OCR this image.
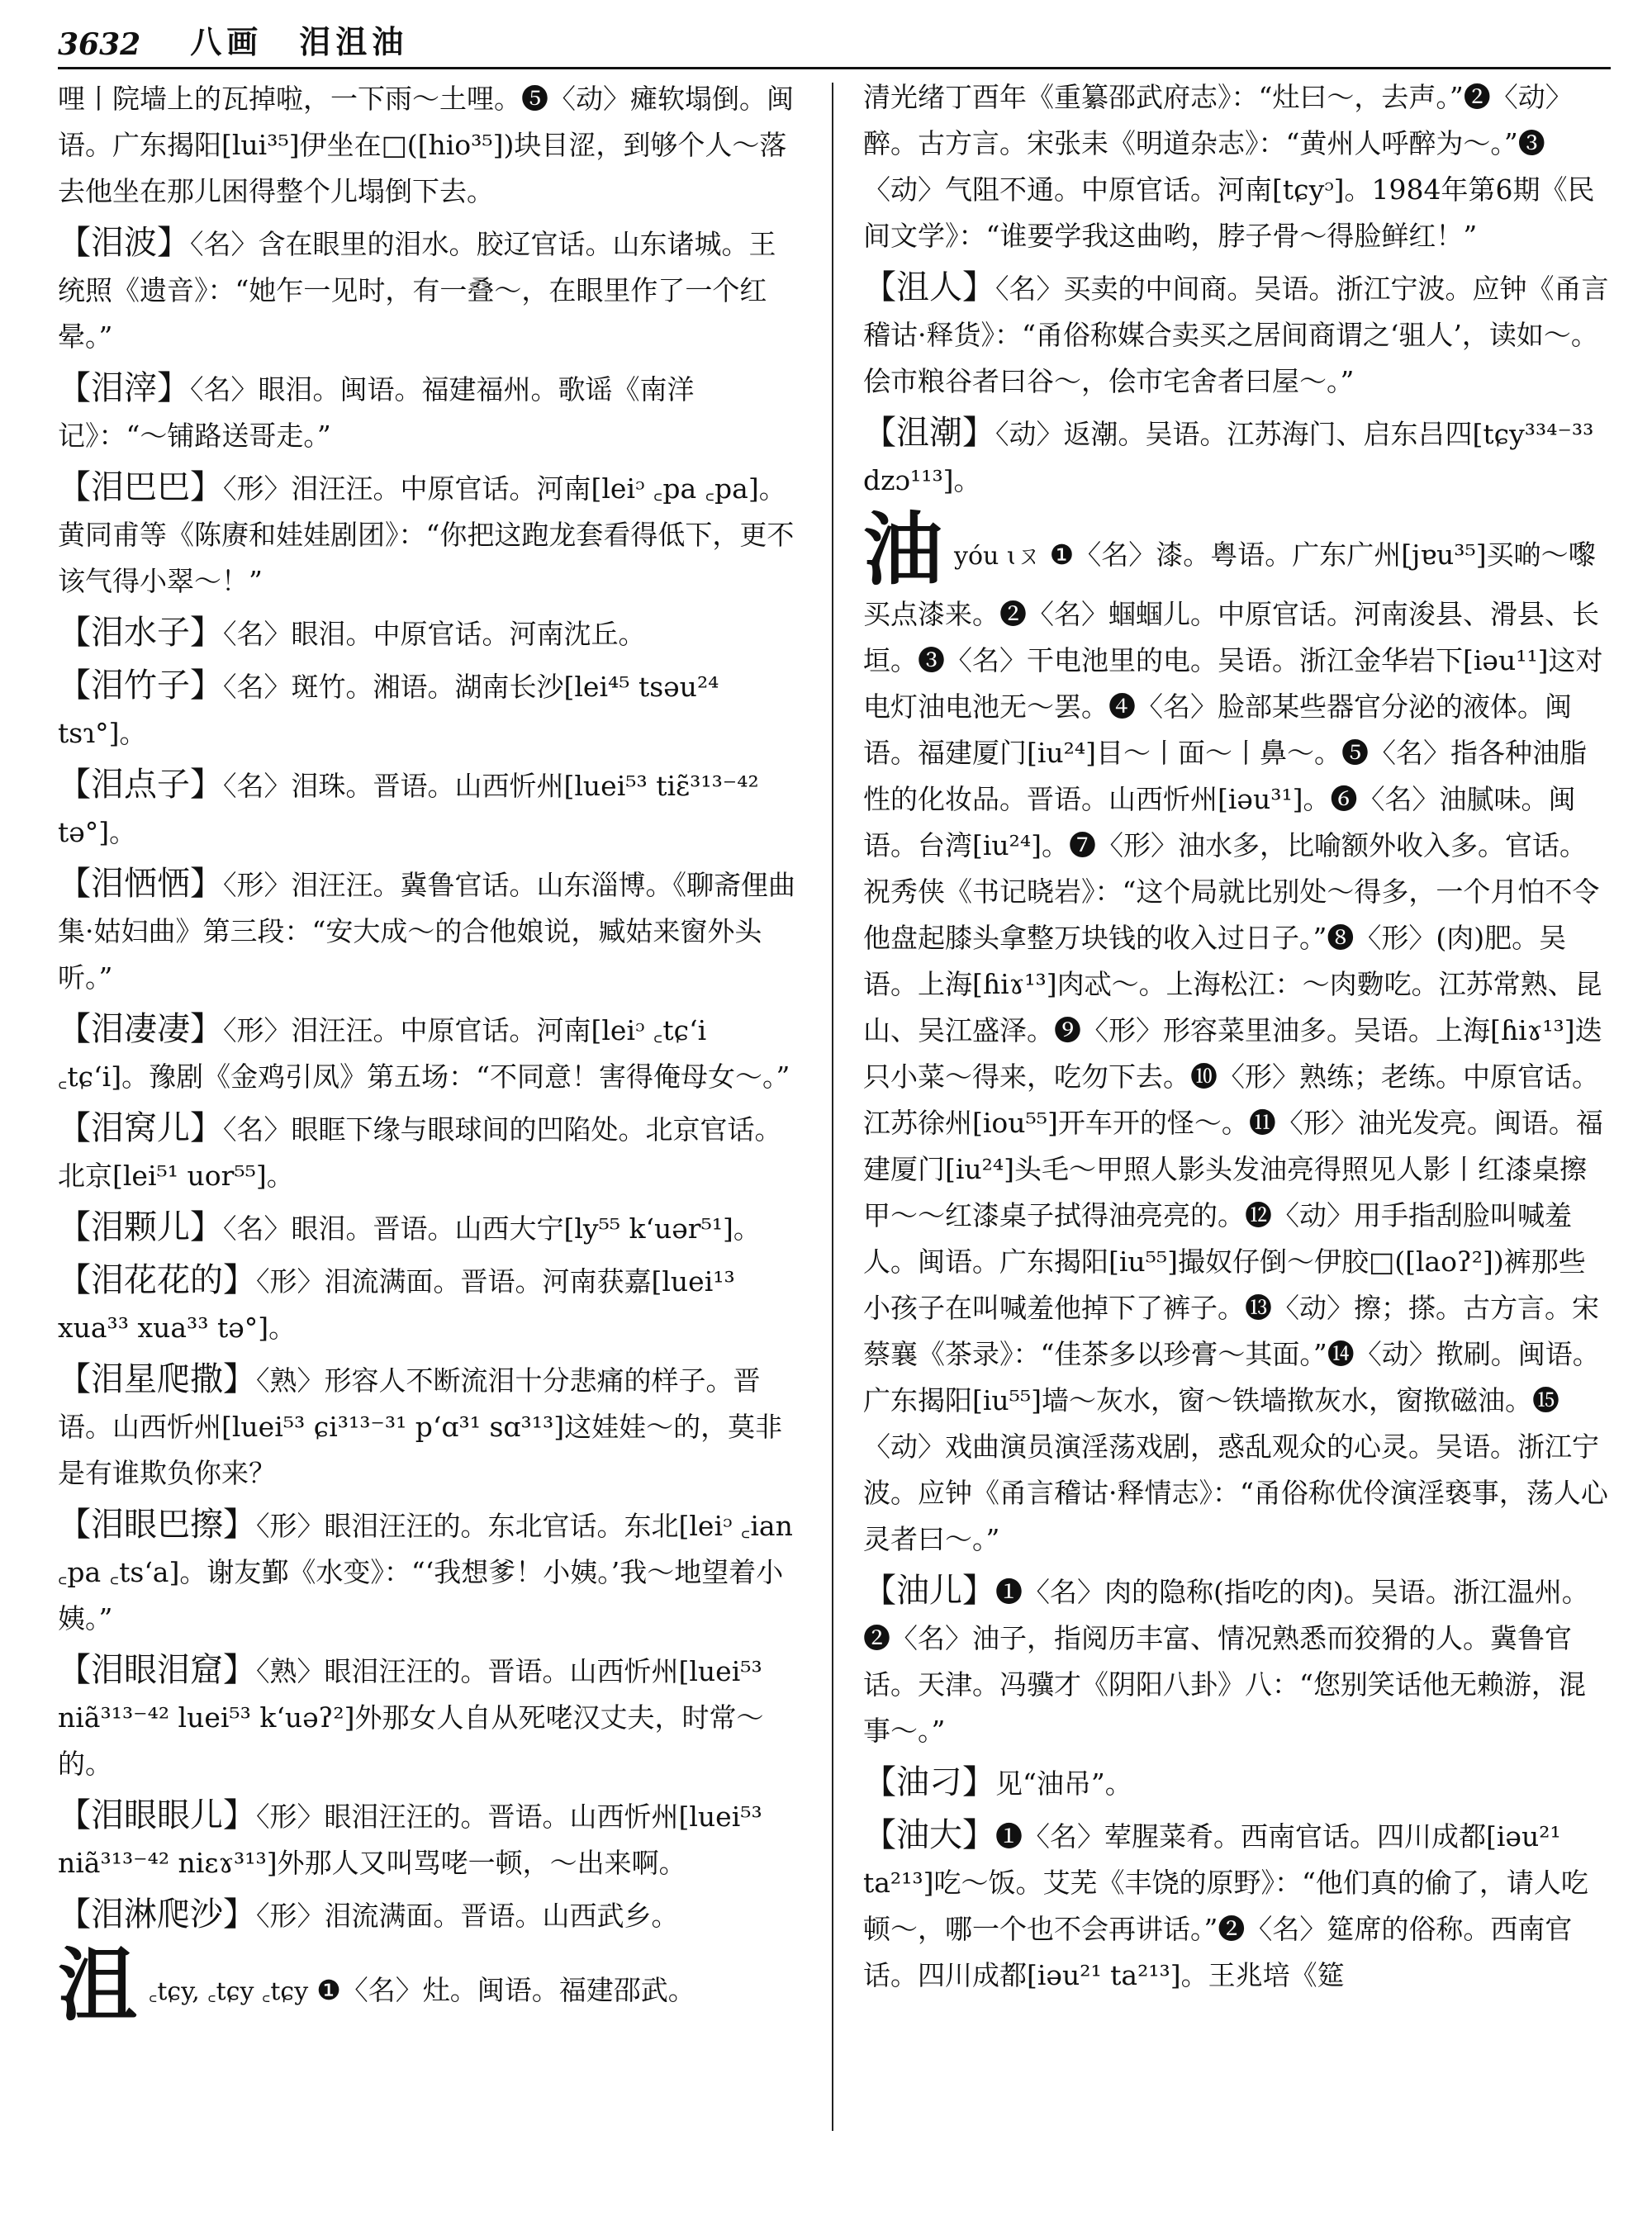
3632 八画　泪沮油
哩丨院墙上的瓦掉啦，一下雨～土哩。❺〈动〉瘫软塌倒。闽语。广东揭阳[lui³⁵]伊坐在□([hio³⁵])块目涩，到够个人～落去他坐在那儿困得整个儿塌倒下去。
【泪波】〈名〉含在眼里的泪水。胶辽官话。山东诸城。王统照《遗音》：“她乍一见时，有一叠～，在眼里作了一个红晕。”
【泪滓】〈名〉眼泪。闽语。福建福州。歌谣《南洋记》：“～铺路送哥走。”
【泪巴巴】〈形〉泪汪汪。中原官话。河南[leiᵓ ꜀pa ꜀pa]。黄同甫等《陈赓和娃娃剧团》：“你把这跑龙套看得低下，更不该气得小翠～！”
【泪水子】〈名〉眼泪。中原官话。河南沈丘。
【泪竹子】〈名〉斑竹。湘语。湖南长沙[lei⁴⁵ tsəu²⁴ tsɿ°]。
【泪点子】〈名〉泪珠。晋语。山西忻州[luei⁵³ tiɛ̃³¹³⁻⁴² tə°]。
【泪恓恓】〈形〉泪汪汪。冀鲁官话。山东淄博。《聊斋俚曲集·姑妇曲》第三段：“安大成～的合他娘说，臧姑来窗外头听。”
【泪凄凄】〈形〉泪汪汪。中原官话。河南[leiᵓ ꜀tɕʻi ꜀tɕʻi]。豫剧《金鸡引凤》第五场：“不同意！害得俺母女～。”
【泪窝儿】〈名〉眼眶下缘与眼球间的凹陷处。北京官话。北京[lei⁵¹ uor⁵⁵]。
【泪颗儿】〈名〉眼泪。晋语。山西大宁[ly⁵⁵ kʻuər⁵¹]。
【泪花花的】〈形〉泪流满面。晋语。河南获嘉[luei¹³ xua³³ xua³³ tə°]。
【泪星爬撒】〈熟〉形容人不断流泪十分悲痛的样子。晋语。山西忻州[luei⁵³ ɕi³¹³⁻³¹ pʻɑ³¹ sɑ³¹³]这娃娃～的，莫非是有谁欺负你来？
【泪眼巴擦】〈形〉眼泪汪汪的。东北官话。东北[leiᵓ ꜀ian ꜀pa ꜀tsʻa]。谢友鄞《水变》：“‘我想爹！小姨。’我～地望着小姨。”
【泪眼泪窟】〈熟〉眼泪汪汪的。晋语。山西忻州[luei⁵³ niã³¹³⁻⁴² luei⁵³ kʻuəʔ²]外那女人自从死咾汉丈夫，时常～的。
【泪眼眼儿】〈形〉眼泪汪汪的。晋语。山西忻州[luei⁵³ niã³¹³⁻⁴² niɛɤ³¹³]外那人又叫骂咾一顿，～出来啊。
【泪淋爬沙】〈形〉泪流满面。晋语。山西武乡。
沮 ꜀tɕy, ꜀tɕy ꜀tɕy ❶〈名〉灶。闽语。福建邵武。
清光绪丁酉年《重纂邵武府志》：“灶曰～，去声。”❷〈动〉醉。古方言。宋张耒《明道杂志》：“黄州人呼醉为～。”❸〈动〉气阻不通。中原官话。河南[tɕyᵓ]。1984年第6期《民间文学》：“谁要学我这曲哟，脖子骨～得脸鲜红！”
【沮人】〈名〉买卖的中间商。吴语。浙江宁波。应钟《甬言稽诂·释货》：“甬俗称媒合卖买之居间商谓之‘驵人’，读如～。侩市粮谷者曰谷～，侩市宅舍者曰屋～。”
【沮潮】〈动〉返潮。吴语。江苏海门、启东吕四[tɕy³³⁴⁻³³ dzɔ¹¹³]。
油yóu ɩㄡ ❶〈名〉漆。粤语。广东广州[jɐu³⁵]买啲～嚟买点漆来。❷〈名〉蝈蝈儿。中原官话。河南浚县、滑县、长垣。❸〈名〉干电池里的电。吴语。浙江金华岩下[iəu¹¹]这对电灯油电池无～罢。❹〈名〉脸部某些器官分泌的液体。闽语。福建厦门[iu²⁴]目～丨面～丨鼻～。❺〈名〉指各种油脂性的化妆品。晋语。山西忻州[iəu³¹]。❻〈名〉油腻味。闽语。台湾[iu²⁴]。❼〈形〉油水多，比喻额外收入多。官话。祝秀侠《书记晓岩》：“这个局就比别处～得多，一个月怕不令他盘起膝头拿整万块钱的收入过日子。”❽〈形〉(肉)肥。吴语。上海[ɦiɤ¹³]肉忒～。上海松江：～肉覅吃。江苏常熟、昆山、吴江盛泽。❾〈形〉形容菜里油多。吴语。上海[ɦiɤ¹³]迭只小菜～得来，吃勿下去。❿〈形〉熟练；老练。中原官话。江苏徐州[iou⁵⁵]开车开的怪～。⓫〈形〉油光发亮。闽语。福建厦门[iu²⁴]头毛～甲照人影头发油亮得照见人影丨红漆桌擦甲～～红漆桌子拭得油亮亮的。⓬〈动〉用手指刮脸叫喊羞人。闽语。广东揭阳[iu⁵⁵]撮奴仔倒～伊胶□([laoʔ²])裤那些小孩子在叫喊羞他掉下了裤子。⓭〈动〉擦；搽。古方言。宋蔡襄《茶录》：“佳茶多以珍膏～其面。”⓮〈动〉揿刷。闽语。广东揭阳[iu⁵⁵]墙～灰水，窗～铁墙揿灰水，窗揿磁油。⓯〈动〉戏曲演员演淫荡戏剧，惑乱观众的心灵。吴语。浙江宁波。应钟《甬言稽诂·释情志》：“甬俗称优伶演淫亵事，荡人心灵者曰～。”
【油儿】❶〈名〉肉的隐称(指吃的肉)。吴语。浙江温州。❷〈名〉油子，指阅历丰富、情况熟悉而狡猾的人。冀鲁官话。天津。冯骥才《阴阳八卦》八：“您别笑话他无赖游，混事～。”
【油刁】见“油吊”。
【油大】❶〈名〉荤腥菜肴。西南官话。四川成都[iəu²¹ ta²¹³]吃～饭。艾芜《丰饶的原野》：“他们真的偷了，请人吃顿～，哪一个也不会再讲话。”❷〈名〉筵席的俗称。西南官话。四川成都[iəu²¹ ta²¹³]。王兆培《筵
